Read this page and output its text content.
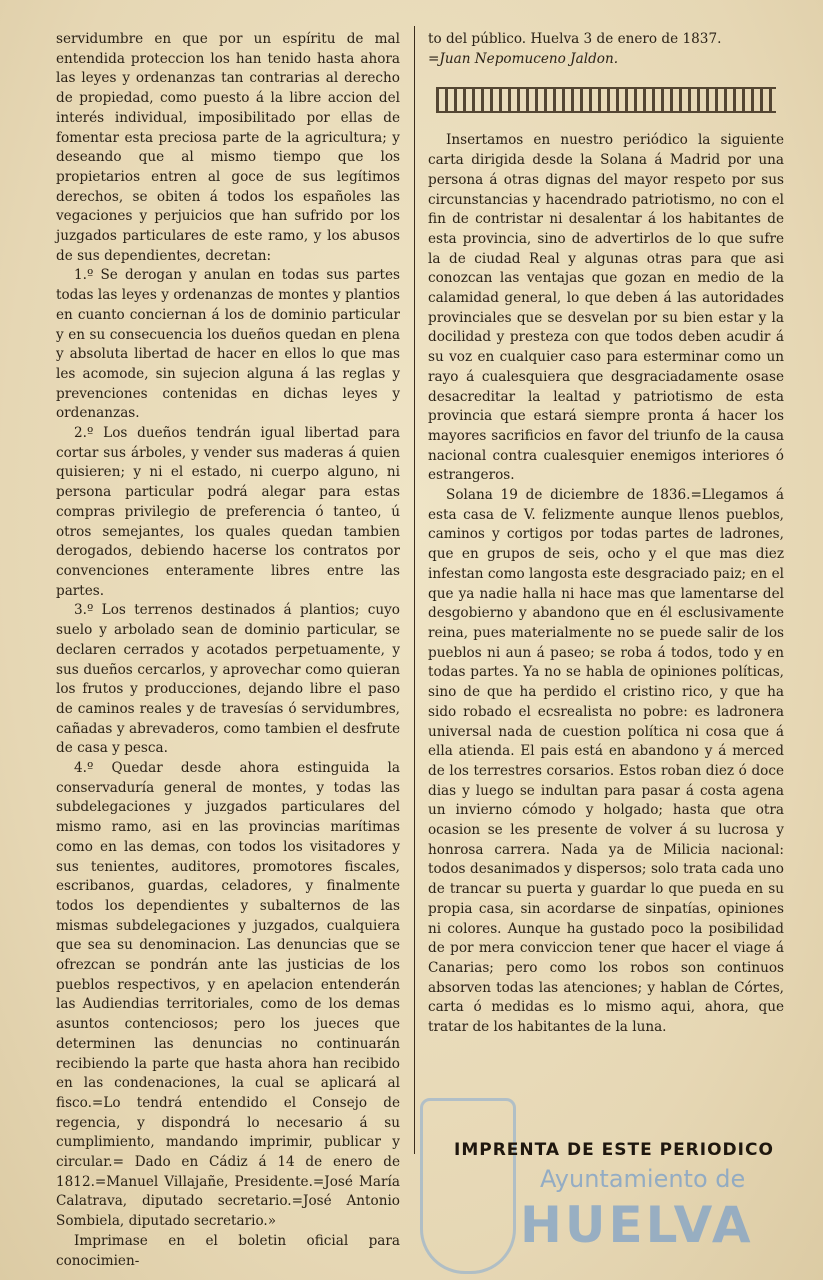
servidumbre en que por un espíritu de mal entendida proteccion los han tenido hasta ahora las leyes y ordenanzas tan contrarias al derecho de propiedad, como puesto á la libre accion del interés individual, imposibilitado por ellas de fomentar esta preciosa parte de la agricultura; y deseando que al mismo tiempo que los propietarios entren al goce de sus legítimos derechos, se obiten á todos los españoles las vegaciones y perjuicios que han sufrido por los juzgados particulares de este ramo, y los abusos de sus dependientes, decretan:

1.º Se derogan y anulan en todas sus partes todas las leyes y ordenanzas de montes y plantios en cuanto conciernan á los de dominio particular y en su consecuencia los dueños quedan en plena y absoluta libertad de hacer en ellos lo que mas les acomode, sin sujecion alguna á las reglas y prevenciones contenidas en dichas leyes y ordenanzas.

2.º Los dueños tendrán igual libertad para cortar sus árboles, y vender sus maderas á quien quisieren; y ni el estado, ni cuerpo alguno, ni persona particular podrá alegar para estas compras privilegio de preferencia ó tanteo, ú otros semejantes, los quales quedan tambien derogados, debiendo hacerse los contratos por convenciones enteramente libres entre las partes.

3.º Los terrenos destinados á plantios; cuyo suelo y arbolado sean de dominio particular, se declaren cerrados y acotados perpetuamente, y sus dueños cercarlos, y aprovechar como quieran los frutos y producciones, dejando libre el paso de caminos reales y de travesías ó servidumbres, cañadas y abrevaderos, como tambien el desfrute de casa y pesca.

4.º Quedar desde ahora estinguida la conservaduría general de montes, y todas las subdelegaciones y juzgados particulares del mismo ramo, asi en las provincias marítimas como en las demas, con todos los visitadores y sus tenientes, auditores, promotores fiscales, escribanos, guardas, celadores, y finalmente todos los dependientes y subalternos de las mismas subdelegaciones y juzgados, cualquiera que sea su denominacion. Las denuncias que se ofrezcan se pondrán ante las justicias de los pueblos respectivos, y en apelacion entenderán las Audiendias territoriales, como de los demas asuntos contenciosos; pero los jueces que determinen las denuncias no continuarán recibiendo la parte que hasta ahora han recibido en las condenaciones, la cual se aplicará al fisco.=Lo tendrá entendido el Consejo de regencia, y dispondrá lo necesario á su cumplimiento, mandando imprimir, publicar y circular.= Dado en Cádiz á 14 de enero de 1812.=Manuel Villajañe, Presidente.=José María Calatrava, diputado secretario.=José Antonio Sombiela, diputado secretario.»

Imprimase en el boletin oficial para conocimien-

to del público. Huelva 3 de enero de 1837.

=Juan Nepomuceno Jaldon.

Insertamos en nuestro periódico la siguiente carta dirigida desde la Solana á Madrid por una persona á otras dignas del mayor respeto por sus circunstancias y hacendrado patriotismo, no con el fin de contristar ni desalentar á los habitantes de esta provincia, sino de advertirlos de lo que sufre la de ciudad Real y algunas otras para que asi conozcan las ventajas que gozan en medio de la calamidad general, lo que deben á las autoridades provinciales que se desvelan por su bien estar y la docilidad y presteza con que todos deben acudir á su voz en cualquier caso para esterminar como un rayo á cualesquiera que desgraciadamente osase desacreditar la lealtad y patriotismo de esta provincia que estará siempre pronta á hacer los mayores sacrificios en favor del triunfo de la causa nacional contra cualesquier enemigos interiores ó estrangeros.

Solana 19 de diciembre de 1836.=Llegamos á esta casa de V. felizmente aunque llenos pueblos, caminos y cortigos por todas partes de ladrones, que en grupos de seis, ocho y el que mas diez infestan como langosta este desgraciado paiz; en el que ya nadie halla ni hace mas que lamentarse del desgobierno y abandono que en él esclusivamente reina, pues materialmente no se puede salir de los pueblos ni aun á paseo; se roba á todos, todo y en todas partes. Ya no se habla de opiniones políticas, sino de que ha perdido el cristino rico, y que ha sido robado el ecsrealista no pobre: es ladronera universal nada de cuestion política ni cosa que á ella atienda. El pais está en abandono y á merced de los terrestres corsarios. Estos roban diez ó doce dias y luego se indultan para pasar á costa agena un invierno cómodo y holgado; hasta que otra ocasion se les presente de volver á su lucrosa y honrosa carrera. Nada ya de Milicia nacional: todos desanimados y dispersos; solo trata cada uno de trancar su puerta y guardar lo que pueda en su propia casa, sin acordarse de sinpatías, opiniones ni colores. Aunque ha gustado poco la posibilidad de por mera conviccion tener que hacer el viage á Canarias; pero como los robos son continuos absorven todas las atenciones; y hablan de Córtes, carta ó medidas es lo mismo aqui, ahora, que tratar de los habitantes de la luna.

Ayuntamiento de
HUELVA
IMPRENTA DE ESTE PERIODICO
